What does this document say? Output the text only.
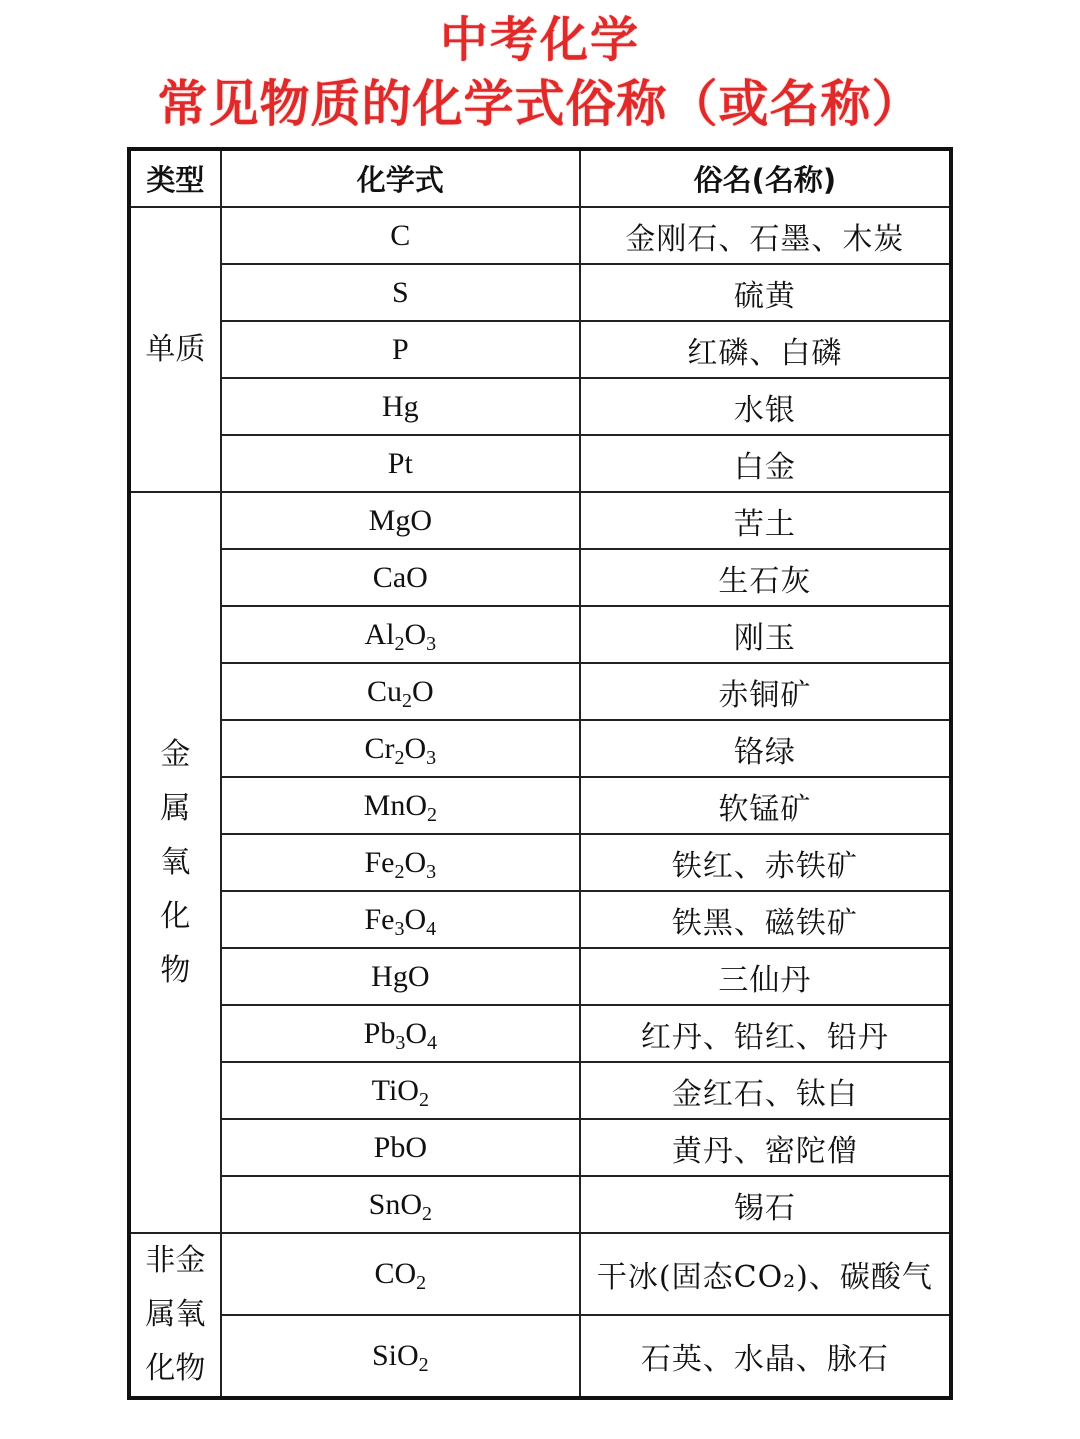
中考化学
常见物质的化学式俗称（或名称）
类型	化学式	俗名(名称)
单质	C	金刚石、石墨、木炭
	S	硫黄
	P	红磷、白磷
	Hg	水银
	Pt	白金
金属氧化物	MgO	苦土
	CaO	生石灰
	$Al_2O_3$	刚玉
	$Cu_2O$	赤铜矿
	$Cr_2O_3$	铬绿
	MnO$_2$	软锰矿
	$Fe_2O_3$	铁红、赤铁矿
	$Fe_3O_4$	铁黑、磁铁矿
	HgO	三仙丹
	$Pb_3O_4$	红丹、铅红、铅丹
	TiO$_2$	金红石、钛白
	PbO	黄丹、密陀僧
	SnO$_2$	锡石
非金属氧化物	$CO_2$	干冰(固态CO₂)、碳酸气
	SiO$_2$	石英、水晶、脉石
